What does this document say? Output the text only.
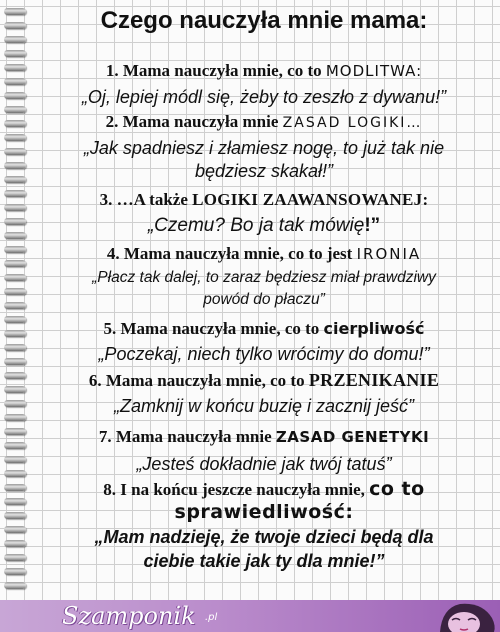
Czego nauczyła mnie mama:
1. Mama nauczyła mnie, co to MODLITWA:
„Oj, lepiej módl się, żeby to zeszło z dywanu!”
2. Mama nauczyła mnie ZASAD LOGIKI…
„Jak spadniesz i złamiesz nogę, to już tak nie
będziesz skakał!”
3. …A także LOGIKI ZAAWANSOWANEJ:
„Czemu? Bo ja tak mówię!”
4. Mama nauczyła mnie, co to jest IRONIA
„Płacz tak dalej, to zaraz będziesz miał prawdziwy
powód do płaczu”
5. Mama nauczyła mnie, co to cierpliwość
„Poczekaj, niech tylko wrócimy do domu!”
6. Mama nauczyła mnie, co to PRZENIKANIE
„Zamknij w końcu buzię i zacznij jeść”
7. Mama nauczyła mnie ZASAD GENETYKI
„Jesteś dokładnie jak twój tatuś”
8. I na końcu jeszcze nauczyła mnie, co to
sprawiedliwość:
„Mam nadzieję, że twoje dzieci będą dla
ciebie takie jak ty dla mnie!”
Szamponik .pl
